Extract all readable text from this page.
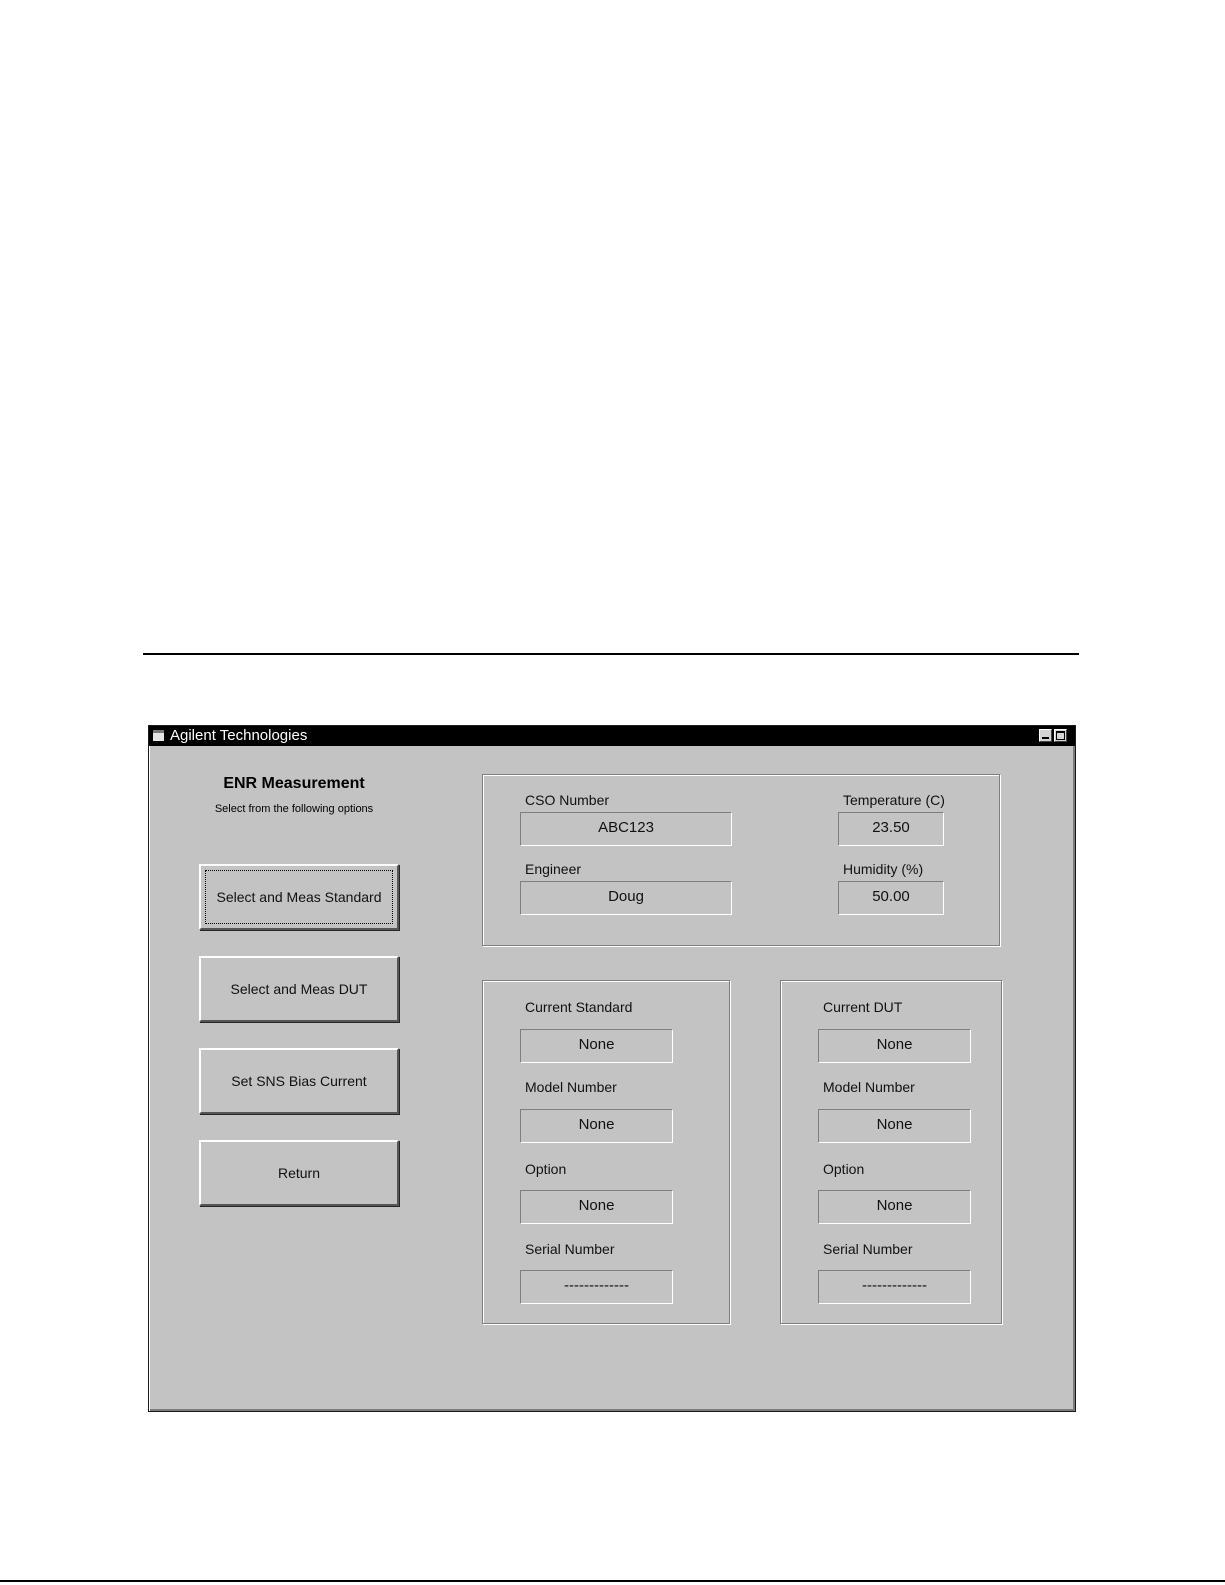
Agilent Technologies
ENR Measurement
Select from the following options
Select and Meas Standard
Select and Meas DUT
Set SNS Bias Current
Return
CSO Number
ABC123
Engineer
Doug
Temperature (C)
23.50
Humidity (%)
50.00
Current Standard
None
Model Number
None
Option
None
Serial Number
-------------
Current DUT
None
Model Number
None
Option
None
Serial Number
-------------
